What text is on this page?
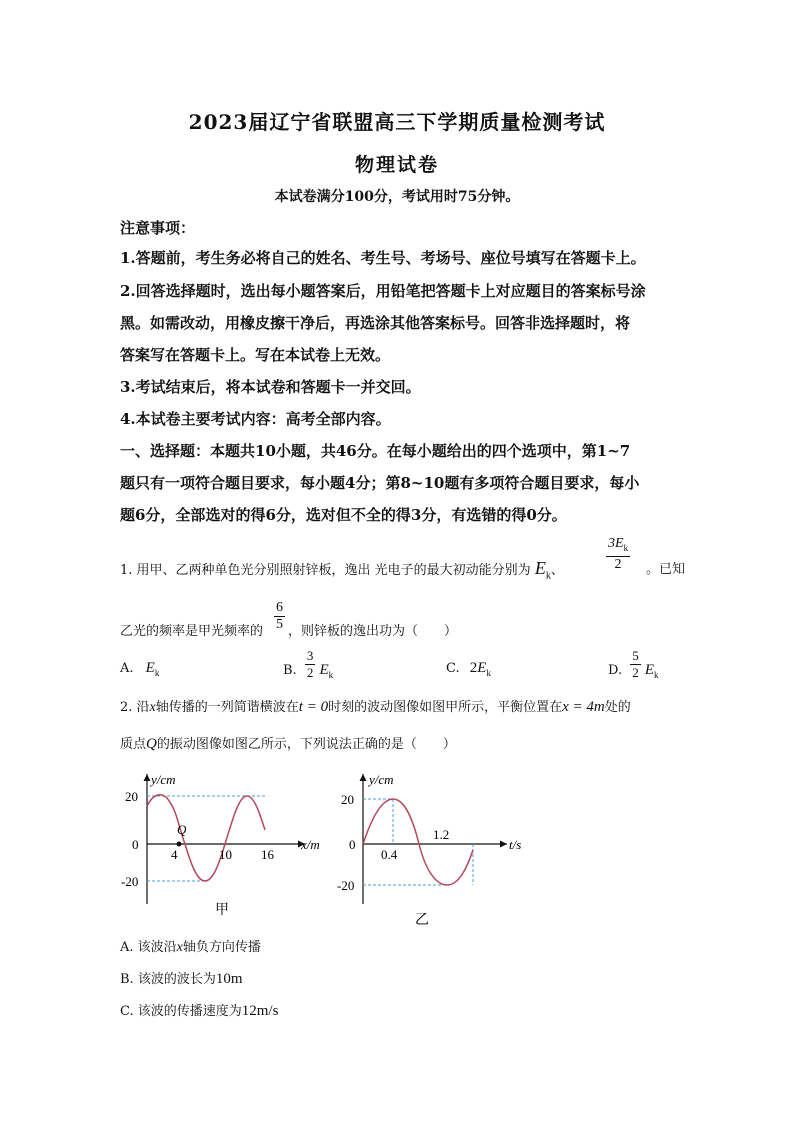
2023届辽宁省联盟高三下学期质量检测考试
物理试卷
本试卷满分100分，考试用时75分钟。
注意事项：
1.答题前，考生务必将自己的姓名、考生号、考场号、座位号填写在答题卡上。
2.回答选择题时，选出每小题答案后，用铅笔把答题卡上对应题目的答案标号涂
黑。如需改动，用橡皮擦干净后，再选涂其他答案标号。回答非选择题时，将
答案写在答题卡上。写在本试卷上无效。
3.考试结束后，将本试卷和答题卡一并交回。
4.本试卷主要考试内容：高考全部内容。
一、选择题：本题共10小题，共46分。在每小题给出的四个选项中，第1~7
题只有一项符合题目要求，每小题4分；第8~10题有多项符合题目要求，每小
题6分，全部选对的得6分，选对但不全的得3分，有选错的得0分。
1. 用甲、乙两种单色光分别照射锌板，逸出 光电子的最大初动能分别为 $E_k$、	$\frac{3E_k}{2}$ 。已知
乙光的频率是甲光频率的 $\frac{6}{5}$ ，则锌板的逸出功为（　　）
A. $E_k$	B. $\frac{3}{2} E_k$	C. $2E_k$	D. $\frac{5}{2} E_k$
2. 沿x轴传播的一列简谐横波在t = 0时刻的波动图像如图甲所示，平衡位置在x = 4m处的
质点Q的振动图像如图乙所示，下列说法正确的是（　　）
Q
y/cm
x/m
20
0
-20
4	10 16
甲
y/cm
t/s
20
0
-20
0.4
1.2
乙
A. 该波沿x轴负方向传播
B. 该波的波长为10m
C. 该波的传播速度为12m/s
